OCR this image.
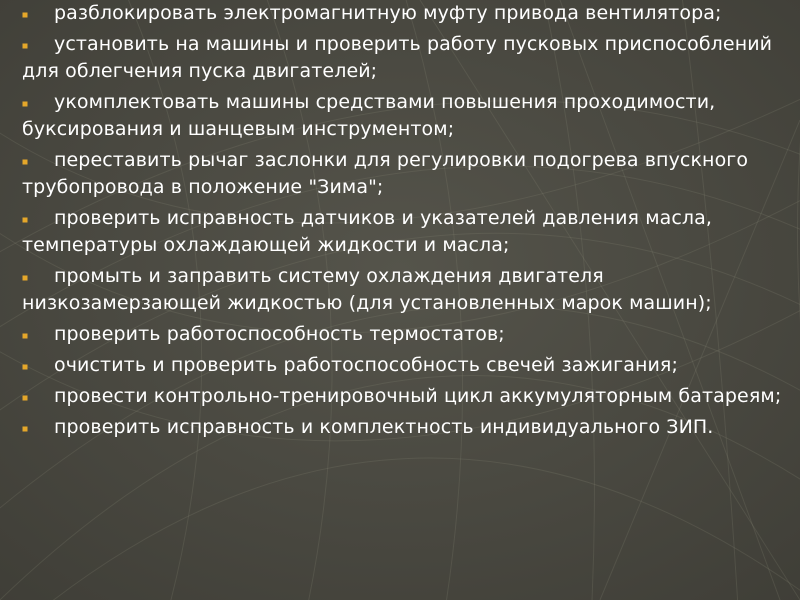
разблокировать электромагнитную муфту привода вентилятора;
установить на машины и проверить работу пусковых приспособлений для облегчения пуска двигателей;
укомплектовать машины средствами повышения проходимости, буксирования и шанцевым инструментом;
переставить рычаг заслонки для регулировки подогрева впускного трубопровода в положение "Зима";
проверить исправность датчиков и указателей давления масла, температуры охлаждающей жидкости и масла;
промыть и заправить систему охлаждения двигателя низкозамерзающей жидкостью (для установленных марок машин);
проверить работоспособность термостатов;
очистить и проверить работоспособность свечей зажигания;
провести контрольно-тренировочный цикл аккумуляторным батареям;
проверить исправность и комплектность индивидуального ЗИП.
